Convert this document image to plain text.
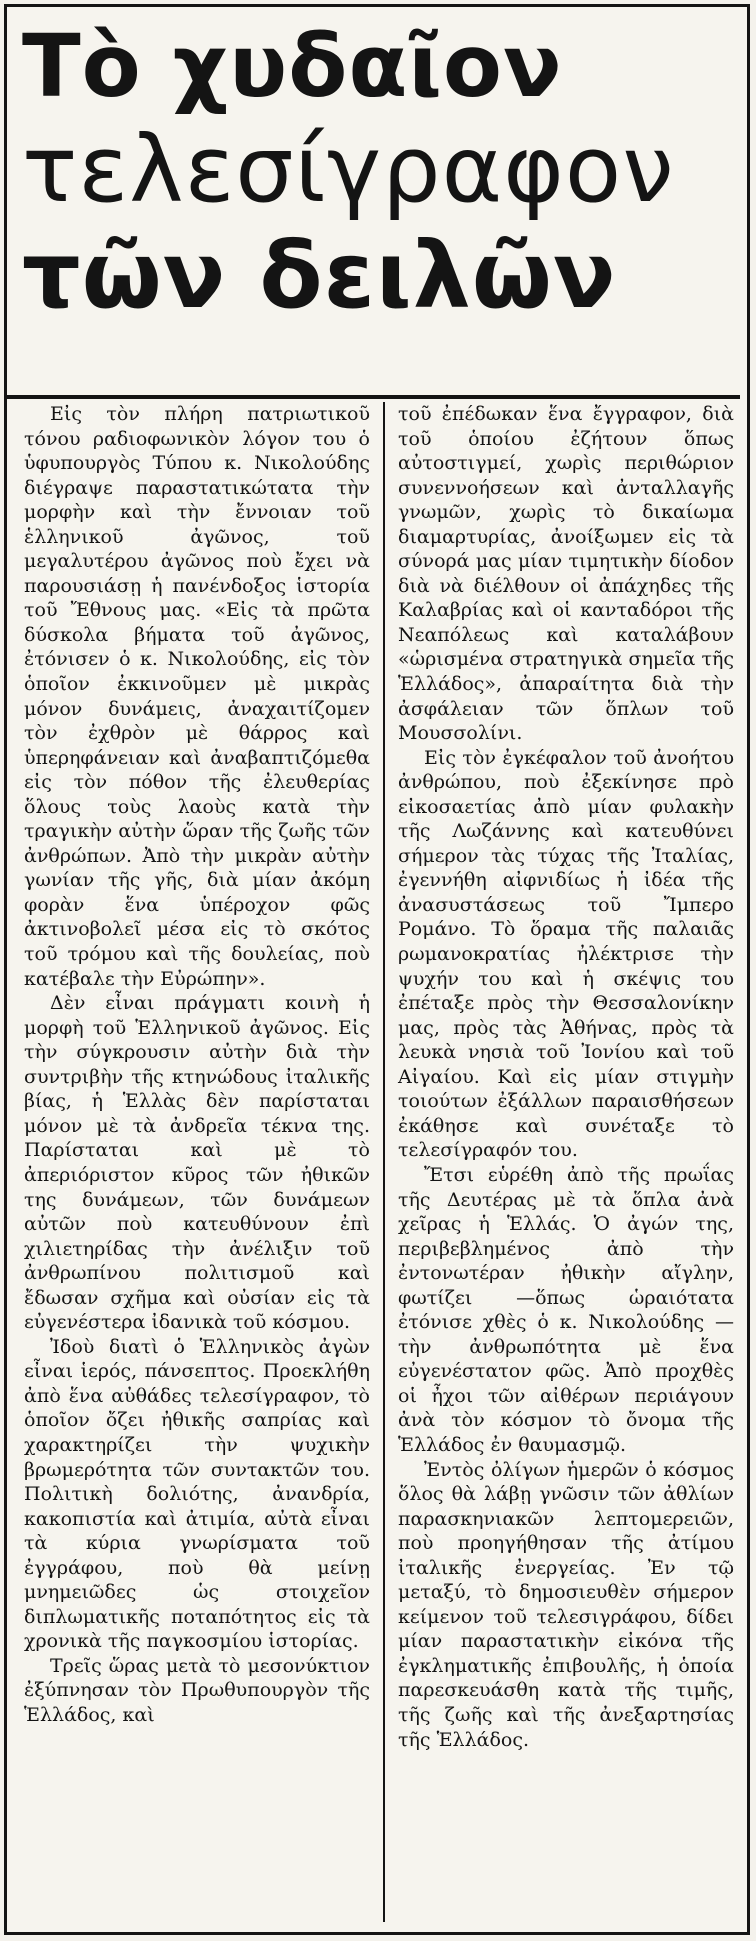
Τὸ χυδαῖον
τελεσίγραφον
τῶν δειλῶν

Εἰς τὸν πλήρη πατριωτικοῦ τόνου ραδιοφωνικὸν λόγον του ὁ ὑφυπουργὸς Τύπου κ. Νικολούδης διέγραψε παραστατικώτατα τὴν μορφὴν καὶ τὴν ἔννοιαν τοῦ ἑλληνικοῦ ἀγῶνος, τοῦ μεγαλυτέρου ἀγῶνος ποὺ ἔχει νὰ παρουσιάσῃ ἡ πανένδοξος ἱστορία τοῦ Ἔθνους μας. «Εἰς τὰ πρῶτα δύσκολα βήματα τοῦ ἀγῶνος, ἐτόνισεν ὁ κ. Νικολούδης, εἰς τὸν ὁποῖον ἐκκινοῦμεν μὲ μικρὰς μόνον δυνάμεις, ἀναχαιτίζομεν τὸν ἐχθρὸν μὲ θάρρος καὶ ὑπερηφάνειαν καὶ ἀναβαπτιζόμεθα εἰς τὸν πόθον τῆς ἐλευθερίας ὅλους τοὺς λαοὺς κατὰ τὴν τραγικὴν αὐτὴν ὥραν τῆς ζωῆς τῶν ἀνθρώπων. Ἀπὸ τὴν μικρὰν αὐτὴν γωνίαν τῆς γῆς, διὰ μίαν ἀκόμη φορὰν ἕνα ὑπέροχον φῶς ἀκτινοβολεῖ μέσα εἰς τὸ σκότος τοῦ τρόμου καὶ τῆς δουλείας, ποὺ κατέβαλε τὴν Εὐρώπην».

Δὲν εἶναι πράγματι κοινὴ ἡ μορφὴ τοῦ Ἑλληνικοῦ ἀγῶνος. Εἰς τὴν σύγκρουσιν αὐτὴν διὰ τὴν συντριβὴν τῆς κτηνώδους ἰταλικῆς βίας, ἡ Ἑλλὰς δὲν παρίσταται μόνον μὲ τὰ ἀνδρεῖα τέκνα της. Παρίσταται καὶ μὲ τὸ ἀπεριόριστον κῦρος τῶν ἠθικῶν της δυνάμεων, τῶν δυνάμεων αὐτῶν ποὺ κατευθύνουν ἐπὶ χιλιετηρίδας τὴν ἀνέλιξιν τοῦ ἀνθρωπίνου πολιτισμοῦ καὶ ἔδωσαν σχῆμα καὶ οὐσίαν εἰς τὰ εὐγενέστερα ἰδανικὰ τοῦ κόσμου.

Ἰδοὺ διατὶ ὁ Ἑλληνικὸς ἀγὼν εἶναι ἱερός, πάνσεπτος. Προεκλήθη ἀπὸ ἕνα αὐθάδες τελεσίγραφον, τὸ ὁποῖον ὄζει ἠθικῆς σαπρίας καὶ χαρακτηρίζει τὴν ψυχικὴν βρωμερότητα τῶν συντακτῶν του. Πολιτικὴ δολιότης, ἀνανδρία, κακοπιστία καὶ ἀτιμία, αὐτὰ εἶναι τὰ κύρια γνωρίσματα τοῦ ἐγγράφου, ποὺ θὰ μείνῃ μνημειῶδες ὡς στοιχεῖον διπλωματικῆς ποταπότητος εἰς τὰ χρονικὰ τῆς παγκοσμίου ἱστορίας.

Τρεῖς ὥρας μετὰ τὸ μεσονύκτιον ἐξύπνησαν τὸν Πρωθυπουργὸν τῆς Ἑλλάδος, καὶ

τοῦ ἐπέδωκαν ἕνα ἔγγραφον, διὰ τοῦ ὁποίου ἐζήτουν ὅπως αὐτοστιγμεί, χωρὶς περιθώριον συνεννοήσεων καὶ ἀνταλλαγῆς γνωμῶν, χωρὶς τὸ δικαίωμα διαμαρτυρίας, ἀνοίξωμεν εἰς τὰ σύνορά μας μίαν τιμητικὴν δίοδον διὰ νὰ διέλθουν οἱ ἀπάχηδες τῆς Καλαβρίας καὶ οἱ κανταδόροι τῆς Νεαπόλεως καὶ καταλάβουν «ὡρισμένα στρατηγικὰ σημεῖα τῆς Ἑλλάδος», ἀπαραίτητα διὰ τὴν ἀσφάλειαν τῶν ὅπλων τοῦ Μουσσολίνι.

Εἰς τὸν ἐγκέφαλον τοῦ ἀνοήτου ἀνθρώπου, ποὺ ἐξεκίνησε πρὸ εἰκοσαετίας ἀπὸ μίαν φυλακὴν τῆς Λωζάννης καὶ κατευθύνει σήμερον τὰς τύχας τῆς Ἰταλίας, ἐγεννήθη αἰφνιδίως ἡ ἰδέα τῆς ἀνασυστάσεως τοῦ Ἴμπερο Ρομάνο. Τὸ ὅραμα τῆς παλαιᾶς ρωμανοκρατίας ἠλέκτρισε τὴν ψυχήν του καὶ ἡ σκέψις του ἐπέταξε πρὸς τὴν Θεσσαλονίκην μας, πρὸς τὰς Ἀθήνας, πρὸς τὰ λευκὰ νησιὰ τοῦ Ἰονίου καὶ τοῦ Αἰγαίου. Καὶ εἰς μίαν στιγμὴν τοιούτων ἐξάλλων παραισθήσεων ἐκάθησε καὶ συνέταξε τὸ τελεσίγραφόν του.

Ἔτσι εὑρέθη ἀπὸ τῆς πρωΐας τῆς Δευτέρας μὲ τὰ ὅπλα ἀνὰ χεῖρας ἡ Ἑλλάς. Ὁ ἀγών της, περιβεβλημένος ἀπὸ τὴν ἐντονωτέραν ἠθικὴν αἴγλην, φωτίζει —ὅπως ὡραιότατα ἐτόνισε χθὲς ὁ κ. Νικολούδης —τὴν ἀνθρωπότητα μὲ ἕνα εὐγενέστατον φῶς. Ἀπὸ προχθὲς οἱ ἦχοι τῶν αἰθέρων περιάγουν ἀνὰ τὸν κόσμον τὸ ὄνομα τῆς Ἑλλάδος ἐν θαυμασμῷ.

Ἐντὸς ὀλίγων ἡμερῶν ὁ κόσμος ὅλος θὰ λάβῃ γνῶσιν τῶν ἀθλίων παρασκηνιακῶν λεπτομερειῶν, ποὺ προηγήθησαν τῆς ἀτίμου ἰταλικῆς ἐνεργείας. Ἐν τῷ μεταξύ, τὸ δημοσιευθὲν σήμερον κείμενον τοῦ τελεσιγράφου, δίδει μίαν παραστατικὴν εἰκόνα τῆς ἐγκληματικῆς ἐπιβουλῆς, ἡ ὁποία παρεσκευάσθη κατὰ τῆς τιμῆς, τῆς ζωῆς καὶ τῆς ἀνεξαρτησίας τῆς Ἑλλάδος.
